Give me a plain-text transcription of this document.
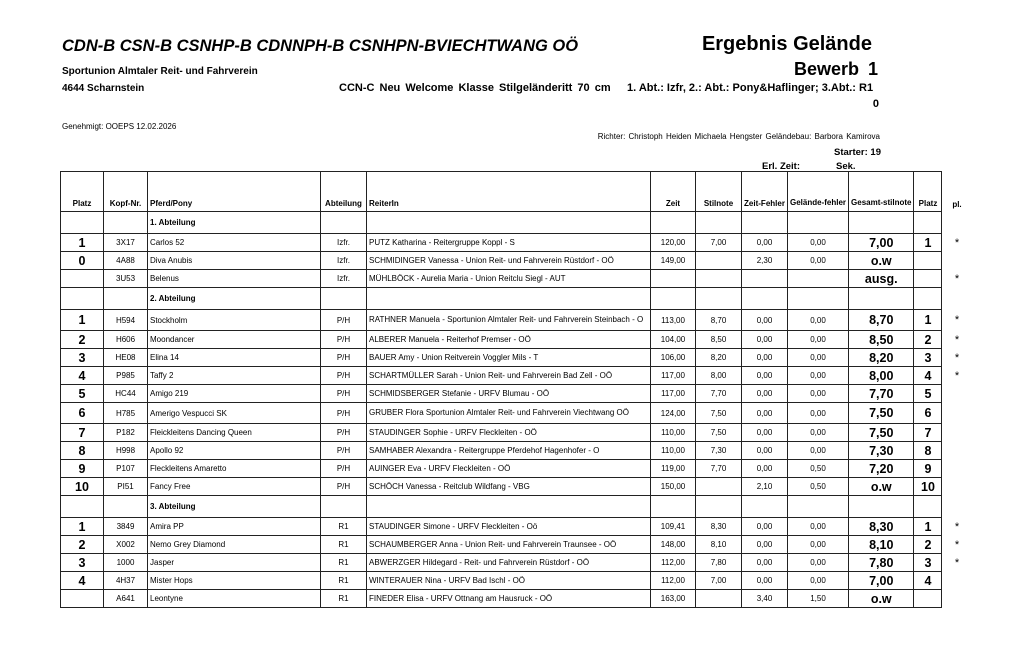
CDN-B CSN-B CSNHP-B CDNNPH-B CSNHPN-BVIECHTWANG OÖ
Sportunion Almtaler Reit- und Fahrverein
4644 Scharnstein	CCN-C Neu Welcome Klasse Stilgeländeritt 70 cm 1. Abt.: Izfr, 2.: Abt.: Pony&Haflinger; 3.Abt.: R1
0
Ergebnis Gelände
Bewerb 1
Genehmigt: OOEPS 12.02.2026
Richter: Christoph Heiden Michaela Hengster Geländebau: Barbora Kamirova
Starter: 19
Erl. Zeit:	Sek.
Platz	Kopf-Nr.	Pferd/Pony	Abteilung	ReiterIn	Zeit	Stilnote	Zeit-Fehler	Gelände-fehler	Gesamt-stilnote	Platz	pl.
		1. Abteilung									
1	3X17	Carlos 52	Izfr.	PUTZ Katharina - Reitergruppe Koppl - S	120,00	7,00	0,00	0,00	7,00	1	*
0	4A88	Diva Anubis	Izfr.	SCHMIDINGER Vanessa - Union Reit- und Fahrverein Rüstdorf - OÖ	149,00		2,30	0,00	o.w		
	3U53	Belenus	Izfr.	MÜHLBÖCK - Aurelia Maria - Union Reitclu Siegl - AUT					ausg.		*
		2. Abteilung									
1	H594	Stockholm	P/H	RATHNER Manuela - Sportunion Almtaler Reit- und Fahrverein Steinbach - O	113,00	8,70	0,00	0,00	8,70	1	*
2	H606	Moondancer	P/H	ALBERER Manuela - Reiterhof Premser - OÖ	104,00	8,50	0,00	0,00	8,50	2	*
3	HE08	Elina 14	P/H	BAUER Amy - Union Reitverein Voggler Mils - T	106,00	8,20	0,00	0,00	8,20	3	*
4	P985	Taffy 2	P/H	SCHARTMÜLLER Sarah - Union Reit- und Fahrverein Bad Zell - OÖ	117,00	8,00	0,00	0,00	8,00	4	*
5	HC44	Amigo 219	P/H	SCHMIDSBERGER Stefanie - URFV Blumau - OÖ	117,00	7,70	0,00	0,00	7,70	5	
6	H785	Amerigo Vespucci SK	P/H	GRUBER Flora Sportunion Almtaler Reit- und Fahrverein Viechtwang OÖ	124,00	7,50	0,00	0,00	7,50	6	
7	P182	Fleickleitens Dancing Queen	P/H	STAUDINGER Sophie - URFV Fleckleiten - OÖ	110,00	7,50	0,00	0,00	7,50	7	
8	H998	Apollo 92	P/H	SAMHABER Alexandra - Reitergruppe Pferdehof Hagenhofer - O	110,00	7,30	0,00	0,00	7,30	8	
9	P107	Fleckleitens Amaretto	P/H	AUINGER Eva - URFV Fleckleiten - OÖ	119,00	7,70	0,00	0,50	7,20	9	
10	PI51	Fancy Free	P/H	SCHÖCH Vanessa - Reitclub Wildfang - VBG	150,00		2,10	0,50	o.w	10	
		3. Abteilung									
1	3849	Amira PP	R1	STAUDINGER Simone - URFV Fleckleiten - Oö	109,41	8,30	0,00	0,00	8,30	1	*
2	X002	Nemo Grey Diamond	R1	SCHAUMBERGER Anna - Union Reit- und Fahrverein Traunsee - OÖ	148,00	8,10	0,00	0,00	8,10	2	*
3	1000	Jasper	R1	ABWERZGER Hildegard - Reit- und Fahrverein Rüstdorf - OÖ	112,00	7,80	0,00	0,00	7,80	3	*
4	4H37	Mister Hops	R1	WINTERAUER Nina - URFV Bad Ischl - OÖ	112,00	7,00	0,00	0,00	7,00	4	
	A641	Leontyne	R1	FINEDER Elisa - URFV Ottnang am Hausruck - OÖ	163,00		3,40	1,50	o.w		
